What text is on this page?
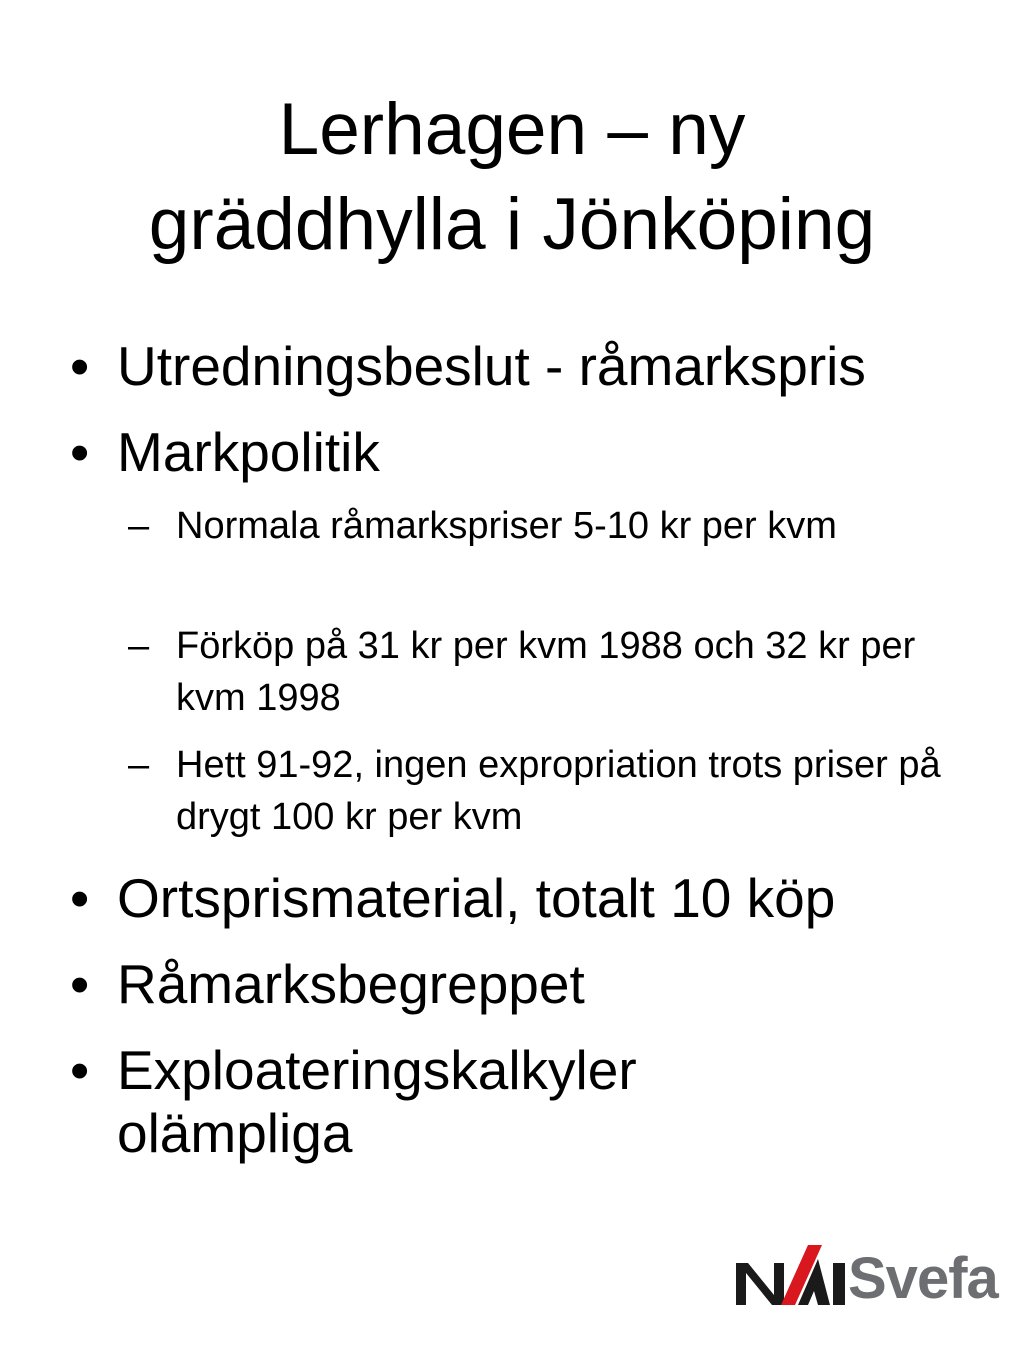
Lerhagen – ny
gräddhylla i Jönköping
• Utredningsbeslut - råmarkspris
• Markpolitik
– Normala råmarkspriser 5-10 kr per kvm
– Förköp på 31 kr per kvm 1988 och 32 kr per kvm 1998
– Hett 91-92, ingen expropriation trots priser på drygt 100 kr per kvm
• Ortsprismaterial, totalt 10 köp
• Råmarksbegreppet
• Exploateringskalkyler olämpliga
Svefa
